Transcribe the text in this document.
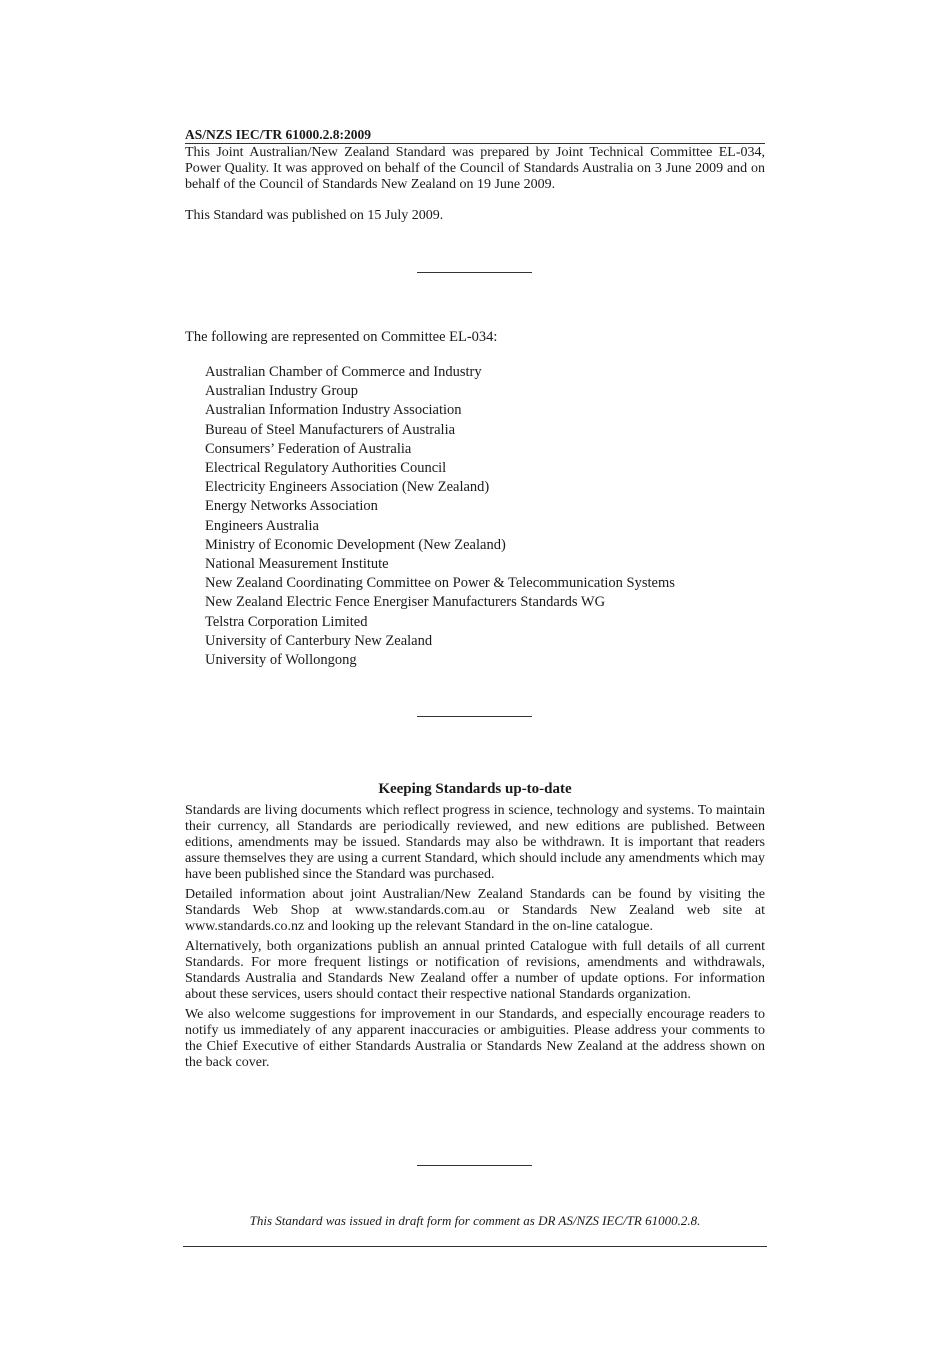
AS/NZS IEC/TR 61000.2.8:2009

This Joint Australian/New Zealand Standard was prepared by Joint Technical Committee EL-034, Power Quality. It was approved on behalf of the Council of Standards Australia on 3 June 2009 and on behalf of the Council of Standards New Zealand on 19 June 2009.

This Standard was published on 15 July 2009.

The following are represented on Committee EL-034:

Australian Chamber of Commerce and Industry
Australian Industry Group
Australian Information Industry Association
Bureau of Steel Manufacturers of Australia
Consumers’ Federation of Australia
Electrical Regulatory Authorities Council
Electricity Engineers Association (New Zealand)
Energy Networks Association
Engineers Australia
Ministry of Economic Development (New Zealand)
National Measurement Institute
New Zealand Coordinating Committee on Power & Telecommunication Systems
New Zealand Electric Fence Energiser Manufacturers Standards WG
Telstra Corporation Limited
University of Canterbury New Zealand
University of Wollongong
Keeping Standards up-to-date

Standards are living documents which reflect progress in science, technology and systems. To maintain their currency, all Standards are periodically reviewed, and new editions are published. Between editions, amendments may be issued. Standards may also be withdrawn. It is important that readers assure themselves they are using a current Standard, which should include any amendments which may have been published since the Standard was purchased.

Detailed information about joint Australian/New Zealand Standards can be found by visiting the Standards Web Shop at www.standards.com.au or Standards New Zealand web site at www.standards.co.nz and looking up the relevant Standard in the on-line catalogue.

Alternatively, both organizations publish an annual printed Catalogue with full details of all current Standards. For more frequent listings or notification of revisions, amendments and withdrawals, Standards Australia and Standards New Zealand offer a number of update options. For information about these services, users should contact their respective national Standards organization.

We also welcome suggestions for improvement in our Standards, and especially encourage readers to notify us immediately of any apparent inaccuracies or ambiguities. Please address your comments to the Chief Executive of either Standards Australia or Standards New Zealand at the address shown on the back cover.

This Standard was issued in draft form for comment as DR AS/NZS IEC/TR 61000.2.8.
